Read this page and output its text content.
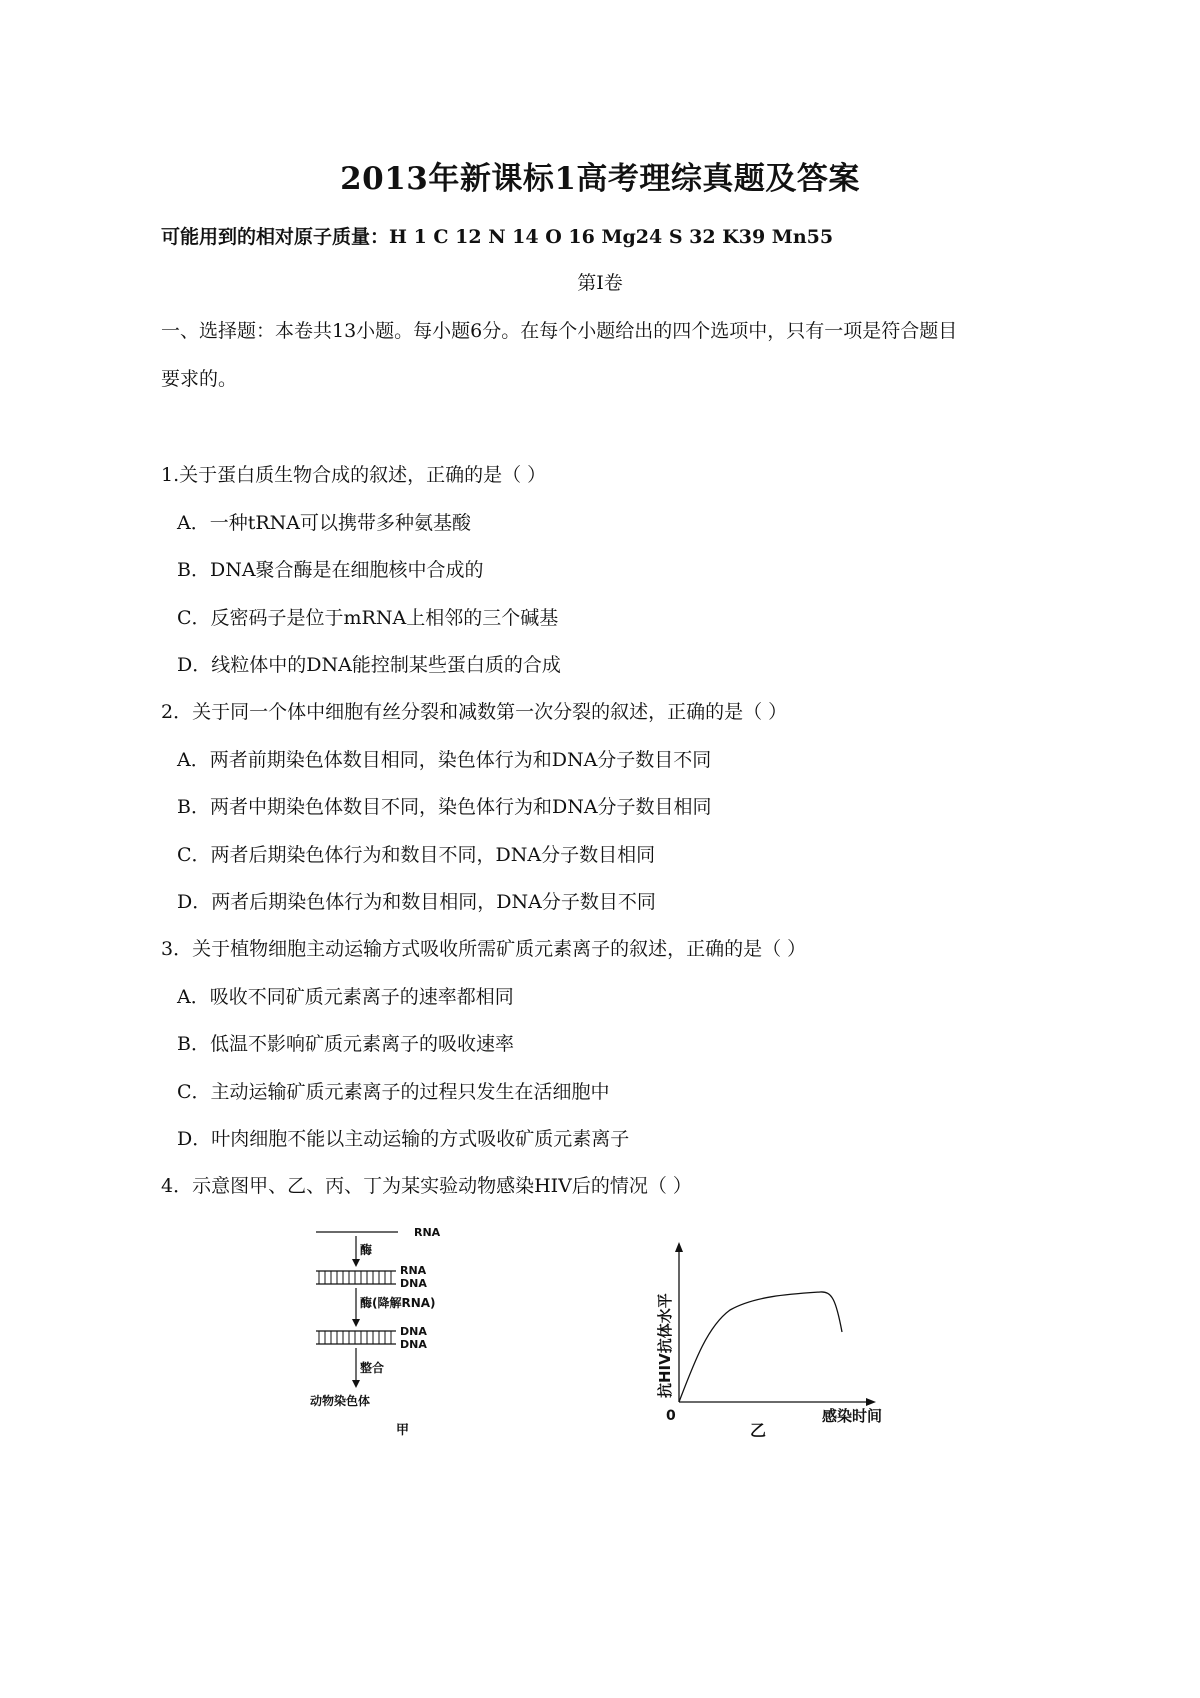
2013年新课标1高考理综真题及答案
可能用到的相对原子质量：H 1 C 12 N 14 O 16 Mg24 S 32 K39 Mn55
第Ⅰ卷
一、选择题：本卷共13小题。每小题6分。在每个小题给出的四个选项中，只有一项是符合题目
要求的。
1.关于蛋白质生物合成的叙述，正确的是（ ）
A．一种tRNA可以携带多种氨基酸
B．DNA聚合酶是在细胞核中合成的
C．反密码子是位于mRNA上相邻的三个碱基
D．线粒体中的DNA能控制某些蛋白质的合成
2．关于同一个体中细胞有丝分裂和减数第一次分裂的叙述，正确的是（ ）
A．两者前期染色体数目相同，染色体行为和DNA分子数目不同
B．两者中期染色体数目不同，染色体行为和DNA分子数目相同
C．两者后期染色体行为和数目不同，DNA分子数目相同
D．两者后期染色体行为和数目相同，DNA分子数目不同
3．关于植物细胞主动运输方式吸收所需矿质元素离子的叙述，正确的是（ ）
A．吸收不同矿质元素离子的速率都相同
B．低温不影响矿质元素离子的吸收速率
C．主动运输矿质元素离子的过程只发生在活细胞中
D．叶肉细胞不能以主动运输的方式吸收矿质元素离子
4．示意图甲、乙、丙、丁为某实验动物感染HIV后的情况（ ）
RNA
酶
RNA
DNA
酶(降解RNA)
DNA
DNA
整合
动物染色体
甲
抗HIV抗体水平
0	感染时间
乙
